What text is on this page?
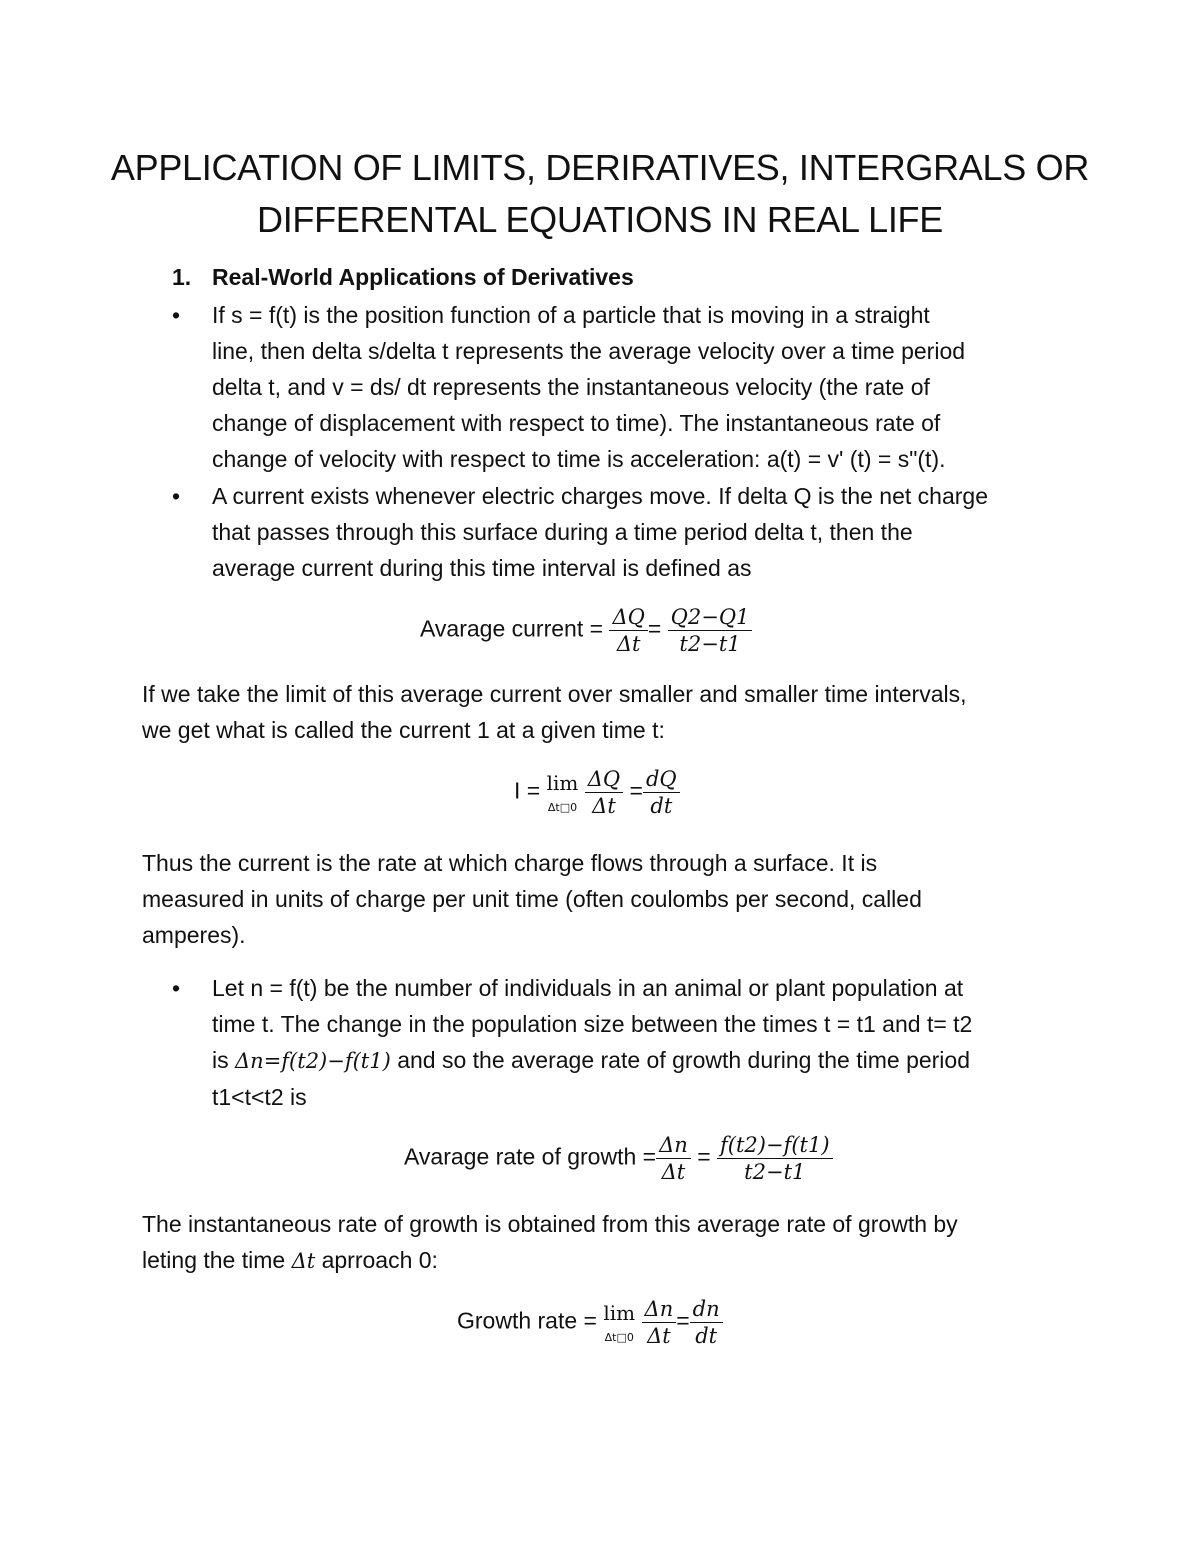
APPLICATION OF LIMITS, DERIRATIVES, INTERGRALS OR
DIFFERENTAL EQUATIONS IN REAL LIFE
1. Real-World Applications of Derivatives
• If s = f(t) is the position function of a particle that is moving in a straight
line, then delta s/delta t represents the average velocity over a time period
delta t, and v = ds/ dt represents the instantaneous velocity (the rate of
change of displacement with respect to time). The instantaneous rate of
change of velocity with respect to time is acceleration: a(t) = v' (t) = s"(t).
• A current exists whenever electric charges move. If delta Q is the net charge
that passes through this surface during a time period delta t, then the
average current during this time interval is defined as
Avarage current = $\frac{\Delta Q}{\Delta t} = \frac{Q2-Q1}{t2-t1}$
If we take the limit of this average current over smaller and smaller time intervals,
we get what is called the current 1 at a given time t:
I = lim
Δt□0
$\frac{\Delta Q}{\Delta t} = \frac{dQ}{dt}$
Thus the current is the rate at which charge flows through a surface. It is
measured in units of charge per unit time (often coulombs per second, called
amperes).
• Let n = f(t) be the number of individuals in an animal or plant population at
time t. The change in the population size between the times t = t1 and t= t2
is Δn=f(t2)−f(t1) and so the average rate of growth during the time period
t1<t<t2 is
Avarage rate of growth = $\frac{\Delta n}{\Delta t} = \frac{f(t2)-f(t1)}{t2-t1}$
The instantaneous rate of growth is obtained from this average rate of growth by
leting the time Δt aprroach 0:
Growth rate = lim
Δt□0
$\frac{\Delta n}{\Delta t} = \frac{dn}{dt}$
